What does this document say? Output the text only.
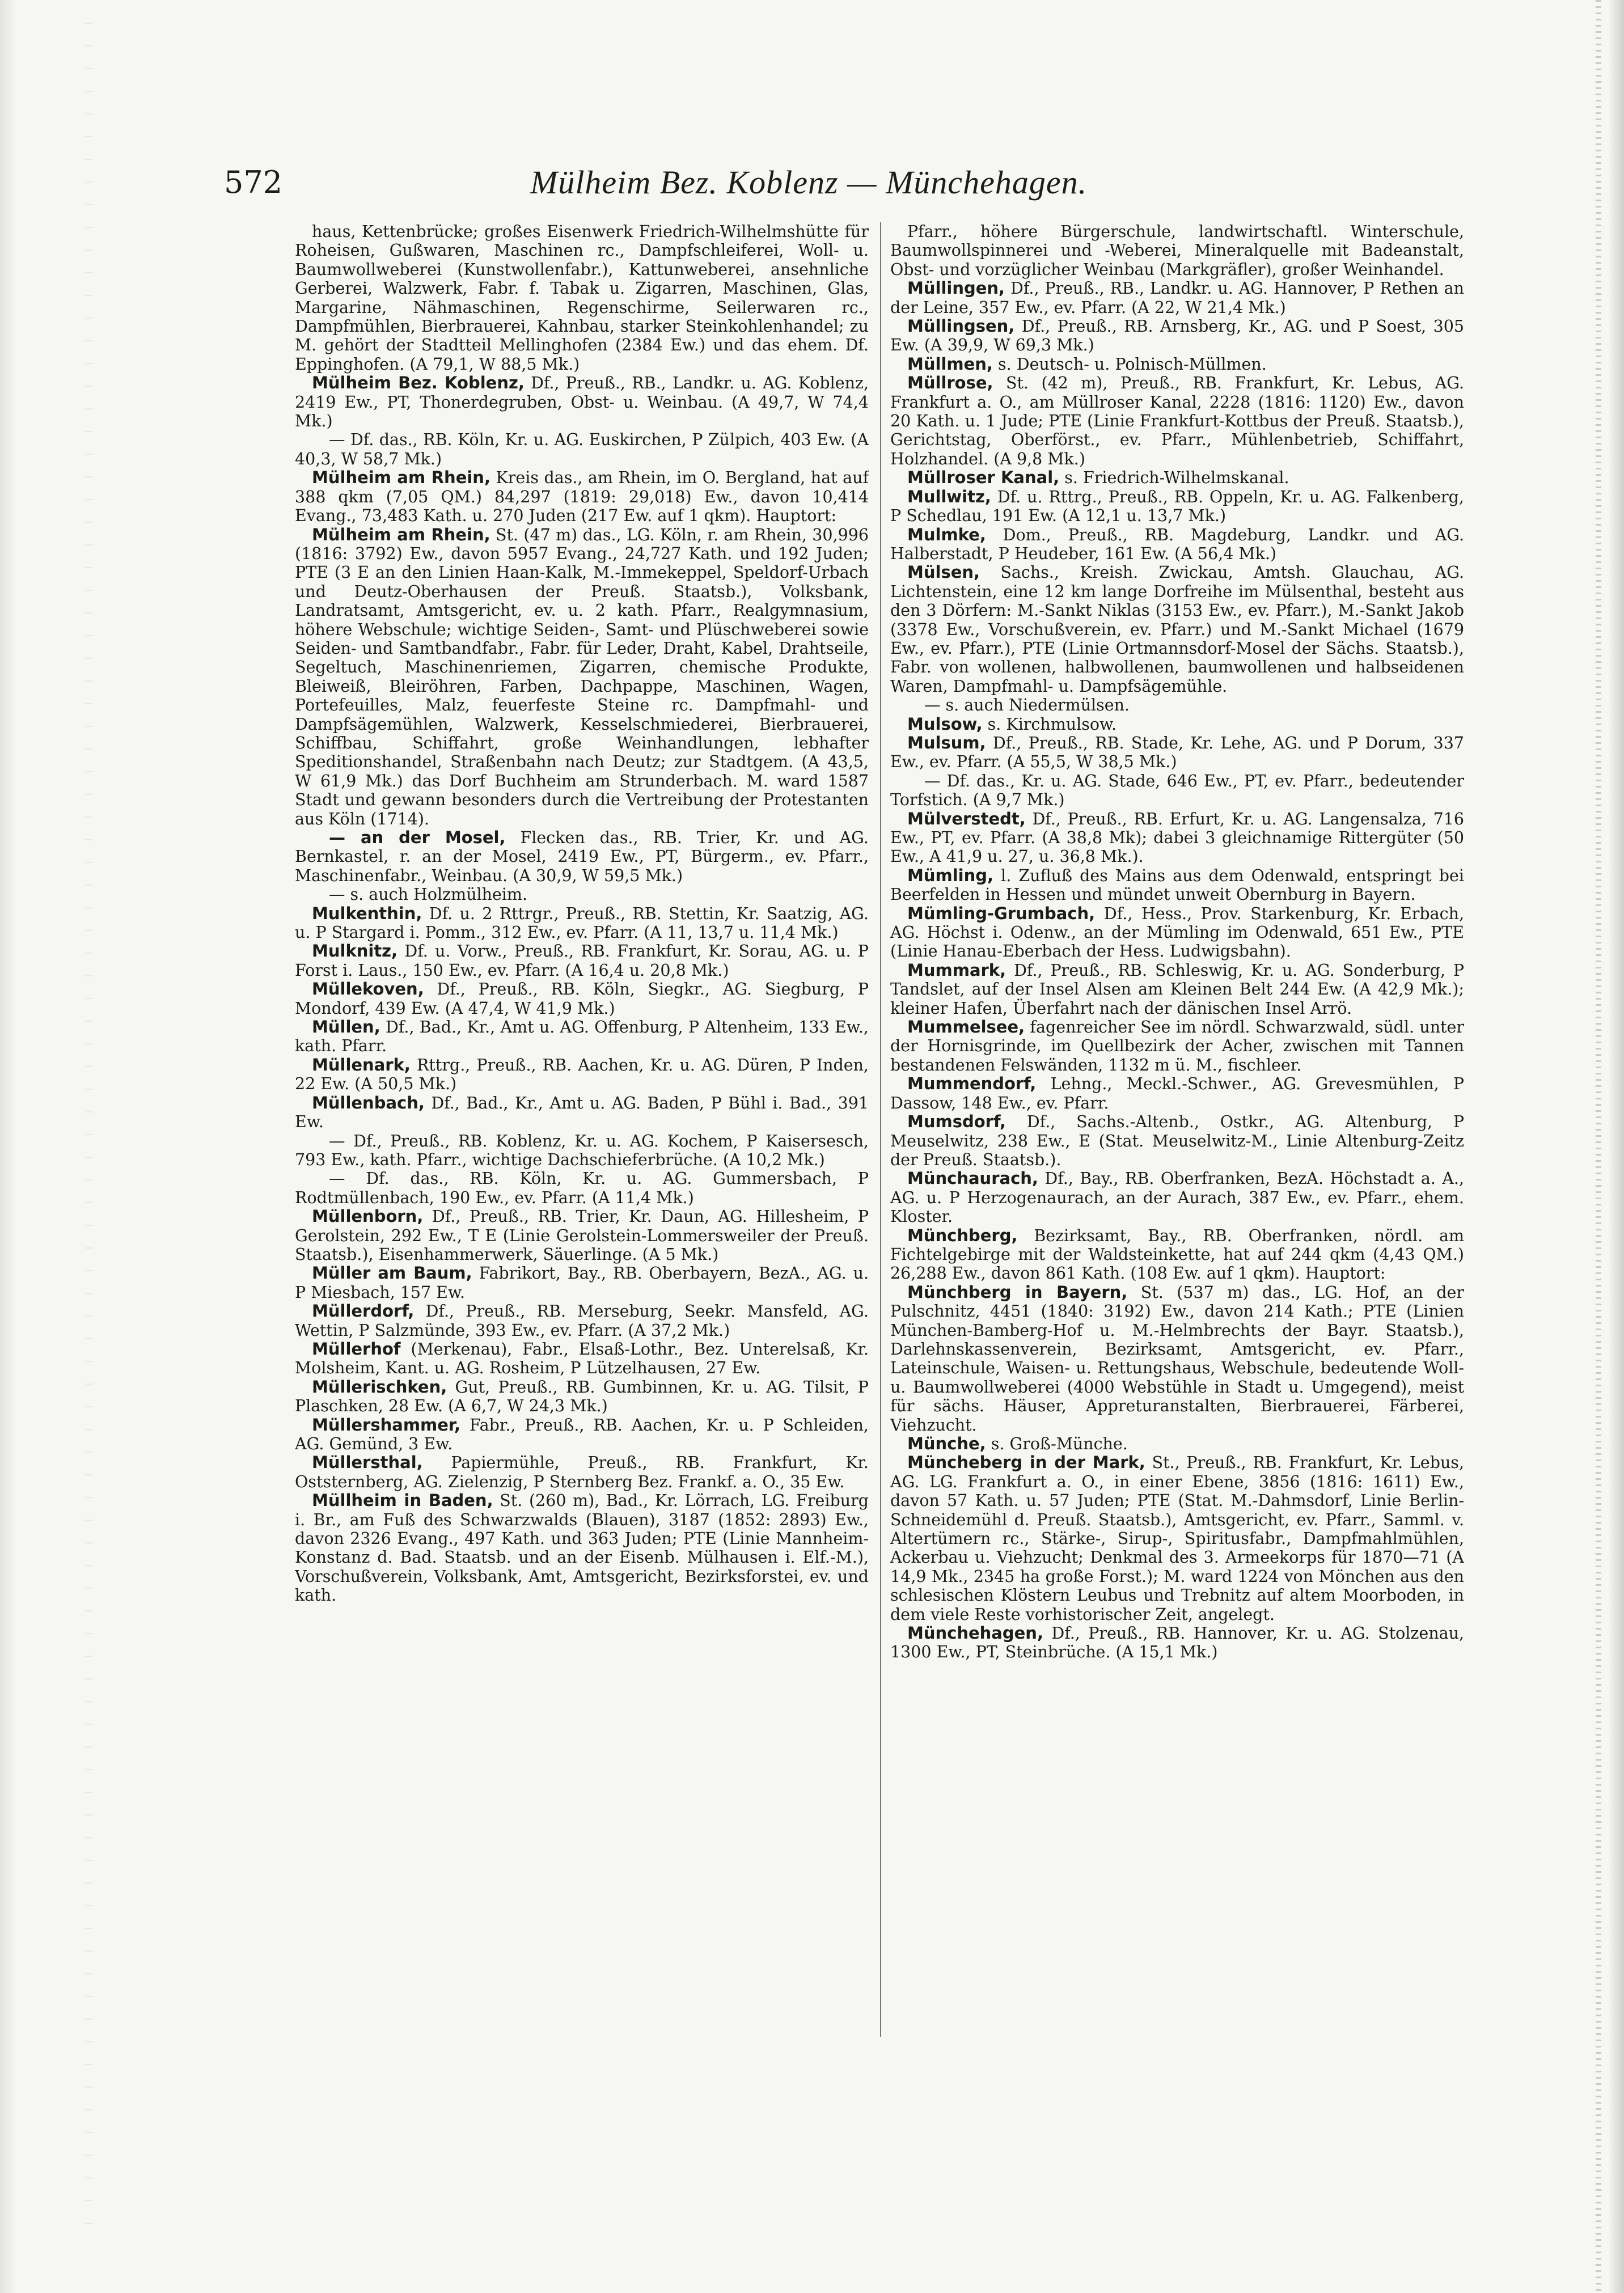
572	Mülheim Bez. Koblenz — Münchehagen.

haus, Kettenbrücke; großes Eisenwerk Friedrich-Wilhelmshütte für Roheisen, Gußwaren, Maschinen rc., Dampfschleiferei, Woll- u. Baumwollweberei (Kunstwollenfabr.), Kattunweberei, ansehnliche Gerberei, Walzwerk, Fabr. f. Tabak u. Zigarren, Maschinen, Glas, Margarine, Nähmaschinen, Regenschirme, Seilerwaren rc., Dampfmühlen, Bierbrauerei, Kahnbau, starker Steinkohlenhandel; zu M. gehört der Stadtteil Mellinghofen (2384 Ew.) und das ehem. Df. Eppinghofen. (A 79,1, W 88,5 Mk.)

Mülheim Bez. Koblenz, Df., Preuß., RB., Landkr. u. AG. Koblenz, 2419 Ew., PT, Thonerdegruben, Obst- u. Weinbau. (A 49,7, W 74,4 Mk.)

— Df. das., RB. Köln, Kr. u. AG. Euskirchen, P Zülpich, 403 Ew. (A 40,3, W 58,7 Mk.)

Mülheim am Rhein, Kreis das., am Rhein, im O. Bergland, hat auf 388 qkm (7,05 QM.) 84,297 (1819: 29,018) Ew., davon 10,414 Evang., 73,483 Kath. u. 270 Juden (217 Ew. auf 1 qkm). Hauptort:

Mülheim am Rhein, St. (47 m) das., LG. Köln, r. am Rhein, 30,996 (1816: 3792) Ew., davon 5957 Evang., 24,727 Kath. und 192 Juden; PTE (3 E an den Linien Haan-Kalk, M.-Immekeppel, Speldorf-Urbach und Deutz-Oberhausen der Preuß. Staatsb.), Volksbank, Landratsamt, Amtsgericht, ev. u. 2 kath. Pfarr., Realgymnasium, höhere Webschule; wichtige Seiden-, Samt- und Plüschweberei sowie Seiden- und Samtbandfabr., Fabr. für Leder, Draht, Kabel, Drahtseile, Segeltuch, Maschinenriemen, Zigarren, chemische Produkte, Bleiweiß, Bleiröhren, Farben, Dachpappe, Maschinen, Wagen, Portefeuilles, Malz, feuerfeste Steine rc. Dampfmahl- und Dampfsägemühlen, Walzwerk, Kesselschmiederei, Bierbrauerei, Schiffbau, Schiffahrt, große Weinhandlungen, lebhafter Speditionshandel, Straßenbahn nach Deutz; zur Stadtgem. (A 43,5, W 61,9 Mk.) das Dorf Buchheim am Strunderbach. M. ward 1587 Stadt und gewann besonders durch die Vertreibung der Protestanten aus Köln (1714).

— an der Mosel, Flecken das., RB. Trier, Kr. und AG. Bernkastel, r. an der Mosel, 2419 Ew., PT, Bürgerm., ev. Pfarr., Maschinenfabr., Weinbau. (A 30,9, W 59,5 Mk.)

— s. auch Holzmülheim.

Mulkenthin, Df. u. 2 Rttrgr., Preuß., RB. Stettin, Kr. Saatzig, AG. u. P Stargard i. Pomm., 312 Ew., ev. Pfarr. (A 11, 13,7 u. 11,4 Mk.)

Mulknitz, Df. u. Vorw., Preuß., RB. Frankfurt, Kr. Sorau, AG. u. P Forst i. Laus., 150 Ew., ev. Pfarr. (A 16,4 u. 20,8 Mk.)

Müllekoven, Df., Preuß., RB. Köln, Siegkr., AG. Siegburg, P Mondorf, 439 Ew. (A 47,4, W 41,9 Mk.)

Müllen, Df., Bad., Kr., Amt u. AG. Offenburg, P Altenheim, 133 Ew., kath. Pfarr.

Müllenark, Rttrg., Preuß., RB. Aachen, Kr. u. AG. Düren, P Inden, 22 Ew. (A 50,5 Mk.)

Müllenbach, Df., Bad., Kr., Amt u. AG. Baden, P Bühl i. Bad., 391 Ew.

— Df., Preuß., RB. Koblenz, Kr. u. AG. Kochem, P Kaisersesch, 793 Ew., kath. Pfarr., wichtige Dachschieferbrüche. (A 10,2 Mk.)

— Df. das., RB. Köln, Kr. u. AG. Gummersbach, P Rodtmüllenbach, 190 Ew., ev. Pfarr. (A 11,4 Mk.)

Müllenborn, Df., Preuß., RB. Trier, Kr. Daun, AG. Hillesheim, P Gerolstein, 292 Ew., T E (Linie Gerolstein-Lommersweiler der Preuß. Staatsb.), Eisenhammerwerk, Säuerlinge. (A 5 Mk.)

Müller am Baum, Fabrikort, Bay., RB. Oberbayern, BezA., AG. u. P Miesbach, 157 Ew.

Müllerdorf, Df., Preuß., RB. Merseburg, Seekr. Mansfeld, AG. Wettin, P Salzmünde, 393 Ew., ev. Pfarr. (A 37,2 Mk.)

Müllerhof (Merkenau), Fabr., Elsaß-Lothr., Bez. Unterelsaß, Kr. Molsheim, Kant. u. AG. Rosheim, P Lützelhausen, 27 Ew.

Müllerischken, Gut, Preuß., RB. Gumbinnen, Kr. u. AG. Tilsit, P Plaschken, 28 Ew. (A 6,7, W 24,3 Mk.)

Müllershammer, Fabr., Preuß., RB. Aachen, Kr. u. P Schleiden, AG. Gemünd, 3 Ew.

Müllersthal, Papiermühle, Preuß., RB. Frankfurt, Kr. Oststernberg, AG. Zielenzig, P Sternberg Bez. Frankf. a. O., 35 Ew.

Müllheim in Baden, St. (260 m), Bad., Kr. Lörrach, LG. Freiburg i. Br., am Fuß des Schwarzwalds (Blauen), 3187 (1852: 2893) Ew., davon 2326 Evang., 497 Kath. und 363 Juden; PTE (Linie Mannheim-Konstanz d. Bad. Staatsb. und an der Eisenb. Mülhausen i. Elf.-M.), Vorschußverein, Volksbank, Amt, Amtsgericht, Bezirksforstei, ev. und kath.

Pfarr., höhere Bürgerschule, landwirtschaftl. Winterschule, Baumwollspinnerei und -Weberei, Mineralquelle mit Badeanstalt, Obst- und vorzüglicher Weinbau (Markgräfler), großer Weinhandel.

Müllingen, Df., Preuß., RB., Landkr. u. AG. Hannover, P Rethen an der Leine, 357 Ew., ev. Pfarr. (A 22, W 21,4 Mk.)

Müllingsen, Df., Preuß., RB. Arnsberg, Kr., AG. und P Soest, 305 Ew. (A 39,9, W 69,3 Mk.)

Müllmen, s. Deutsch- u. Polnisch-Müllmen.

Müllrose, St. (42 m), Preuß., RB. Frankfurt, Kr. Lebus, AG. Frankfurt a. O., am Müllroser Kanal, 2228 (1816: 1120) Ew., davon 20 Kath. u. 1 Jude; PTE (Linie Frankfurt-Kottbus der Preuß. Staatsb.), Gerichtstag, Oberförst., ev. Pfarr., Mühlenbetrieb, Schiffahrt, Holzhandel. (A 9,8 Mk.)

Müllroser Kanal, s. Friedrich-Wilhelmskanal.

Mullwitz, Df. u. Rttrg., Preuß., RB. Oppeln, Kr. u. AG. Falkenberg, P Schedlau, 191 Ew. (A 12,1 u. 13,7 Mk.)

Mulmke, Dom., Preuß., RB. Magdeburg, Landkr. und AG. Halberstadt, P Heudeber, 161 Ew. (A 56,4 Mk.)

Mülsen, Sachs., Kreish. Zwickau, Amtsh. Glauchau, AG. Lichtenstein, eine 12 km lange Dorfreihe im Mülsenthal, besteht aus den 3 Dörfern: M.-Sankt Niklas (3153 Ew., ev. Pfarr.), M.-Sankt Jakob (3378 Ew., Vorschußverein, ev. Pfarr.) und M.-Sankt Michael (1679 Ew., ev. Pfarr.), PTE (Linie Ortmannsdorf-Mosel der Sächs. Staatsb.), Fabr. von wollenen, halbwollenen, baumwollenen und halbseidenen Waren, Dampfmahl- u. Dampfsägemühle.

— s. auch Niedermülsen.

Mulsow, s. Kirchmulsow.

Mulsum, Df., Preuß., RB. Stade, Kr. Lehe, AG. und P Dorum, 337 Ew., ev. Pfarr. (A 55,5, W 38,5 Mk.)

— Df. das., Kr. u. AG. Stade, 646 Ew., PT, ev. Pfarr., bedeutender Torfstich. (A 9,7 Mk.)

Mülverstedt, Df., Preuß., RB. Erfurt, Kr. u. AG. Langensalza, 716 Ew., PT, ev. Pfarr. (A 38,8 Mk); dabei 3 gleichnamige Rittergüter (50 Ew., A 41,9 u. 27, u. 36,8 Mk.).

Mümling, l. Zufluß des Mains aus dem Odenwald, entspringt bei Beerfelden in Hessen und mündet unweit Obernburg in Bayern.

Mümling-Grumbach, Df., Hess., Prov. Starkenburg, Kr. Erbach, AG. Höchst i. Odenw., an der Mümling im Odenwald, 651 Ew., PTE (Linie Hanau-Eberbach der Hess. Ludwigsbahn).

Mummark, Df., Preuß., RB. Schleswig, Kr. u. AG. Sonderburg, P Tandslet, auf der Insel Alsen am Kleinen Belt 244 Ew. (A 42,9 Mk.); kleiner Hafen, Überfahrt nach der dänischen Insel Arrö.

Mummelsee, fagenreicher See im nördl. Schwarzwald, südl. unter der Hornisgrinde, im Quellbezirk der Acher, zwischen mit Tannen bestandenen Felswänden, 1132 m ü. M., fischleer.

Mummendorf, Lehng., Meckl.-Schwer., AG. Grevesmühlen, P Dassow, 148 Ew., ev. Pfarr.

Mumsdorf, Df., Sachs.-Altenb., Ostkr., AG. Altenburg, P Meuselwitz, 238 Ew., E (Stat. Meuselwitz-M., Linie Altenburg-Zeitz der Preuß. Staatsb.).

Münchaurach, Df., Bay., RB. Oberfranken, BezA. Höchstadt a. A., AG. u. P Herzogenaurach, an der Aurach, 387 Ew., ev. Pfarr., ehem. Kloster.

Münchberg, Bezirksamt, Bay., RB. Oberfranken, nördl. am Fichtelgebirge mit der Waldsteinkette, hat auf 244 qkm (4,43 QM.) 26,288 Ew., davon 861 Kath. (108 Ew. auf 1 qkm). Hauptort:

Münchberg in Bayern, St. (537 m) das., LG. Hof, an der Pulschnitz, 4451 (1840: 3192) Ew., davon 214 Kath.; PTE (Linien München-Bamberg-Hof u. M.-Helmbrechts der Bayr. Staatsb.), Darlehnskassenverein, Bezirksamt, Amtsgericht, ev. Pfarr., Lateinschule, Waisen- u. Rettungshaus, Webschule, bedeutende Woll- u. Baumwollweberei (4000 Webstühle in Stadt u. Umgegend), meist für sächs. Häuser, Appreturanstalten, Bierbrauerei, Färberei, Viehzucht.

Münche, s. Groß-Münche.

Müncheberg in der Mark, St., Preuß., RB. Frankfurt, Kr. Lebus, AG. LG. Frankfurt a. O., in einer Ebene, 3856 (1816: 1611) Ew., davon 57 Kath. u. 57 Juden; PTE (Stat. M.-Dahmsdorf, Linie Berlin-Schneidemühl d. Preuß. Staatsb.), Amtsgericht, ev. Pfarr., Samml. v. Altertümern rc., Stärke-, Sirup-, Spiritusfabr., Dampfmahlmühlen, Ackerbau u. Viehzucht; Denkmal des 3. Armeekorps für 1870—71 (A 14,9 Mk., 2345 ha große Forst.); M. ward 1224 von Mönchen aus den schlesischen Klöstern Leubus und Trebnitz auf altem Moorboden, in dem viele Reste vorhistorischer Zeit, angelegt.

Münchehagen, Df., Preuß., RB. Hannover, Kr. u. AG. Stolzenau, 1300 Ew., PT, Steinbrüche. (A 15,1 Mk.)
